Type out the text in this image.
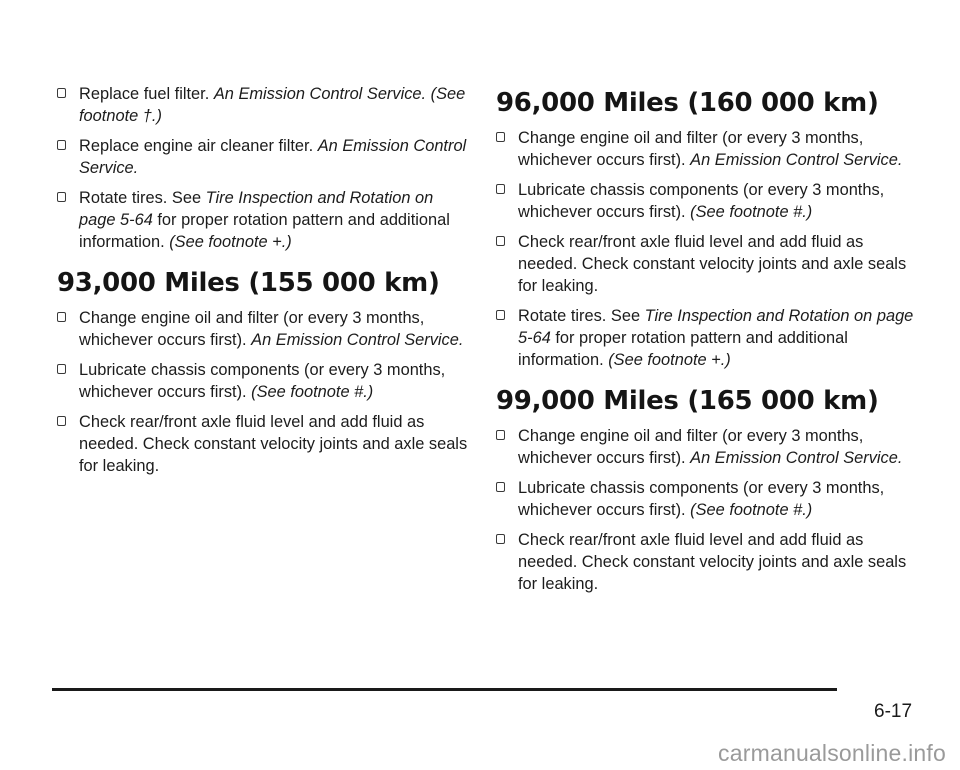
Replace fuel filter. An Emission Control Service. (See footnote †.)
Replace engine air cleaner filter. An Emission Control Service.
Rotate tires. See Tire Inspection and Rotation on page 5-64 for proper rotation pattern and additional information. (See footnote +.)
93,000 Miles (155 000 km)
Change engine oil and filter (or every 3 months, whichever occurs first). An Emission Control Service.
Lubricate chassis components (or every 3 months, whichever occurs first). (See footnote #.)
Check rear/front axle fluid level and add fluid as needed. Check constant velocity joints and axle seals for leaking.
96,000 Miles (160 000 km)
Change engine oil and filter (or every 3 months, whichever occurs first). An Emission Control Service.
Lubricate chassis components (or every 3 months, whichever occurs first). (See footnote #.)
Check rear/front axle fluid level and add fluid as needed. Check constant velocity joints and axle seals for leaking.
Rotate tires. See Tire Inspection and Rotation on page 5-64 for proper rotation pattern and additional information. (See footnote +.)
99,000 Miles (165 000 km)
Change engine oil and filter (or every 3 months, whichever occurs first). An Emission Control Service.
Lubricate chassis components (or every 3 months, whichever occurs first). (See footnote #.)
Check rear/front axle fluid level and add fluid as needed. Check constant velocity joints and axle seals for leaking.
6-17
carmanualsonline.info
